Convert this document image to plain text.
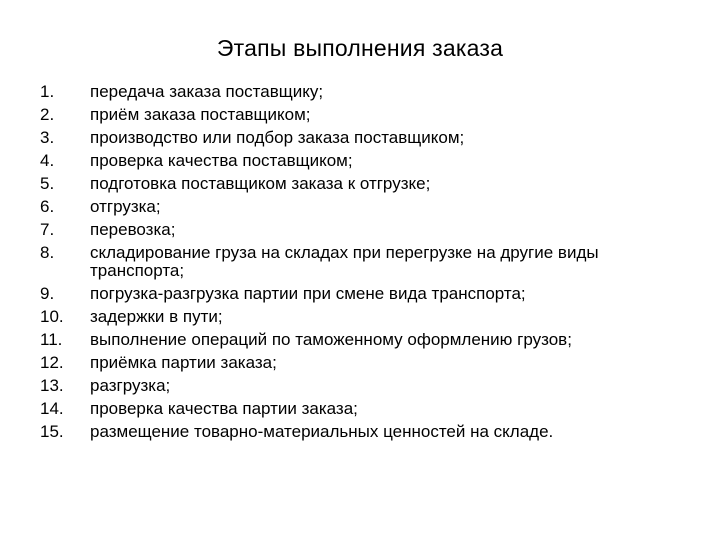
Этапы выполнения заказа
1.	передача заказа поставщику;
2.	приём заказа поставщиком;
3.	производство или подбор заказа поставщиком;
4.	проверка качества поставщиком;
5.	подготовка поставщиком заказа к отгрузке;
6.	отгрузка;
7.	перевозка;
8.	складирование груза на складах при перегрузке на другие виды транспорта;
9.	погрузка-разгрузка партии при смене вида транспорта;
10.	задержки в пути;
11.	выполнение операций по таможенному оформлению грузов;
12.	приёмка партии заказа;
13.	разгрузка;
14.	проверка качества партии заказа;
15.	размещение товарно-материальных ценностей на складе.
